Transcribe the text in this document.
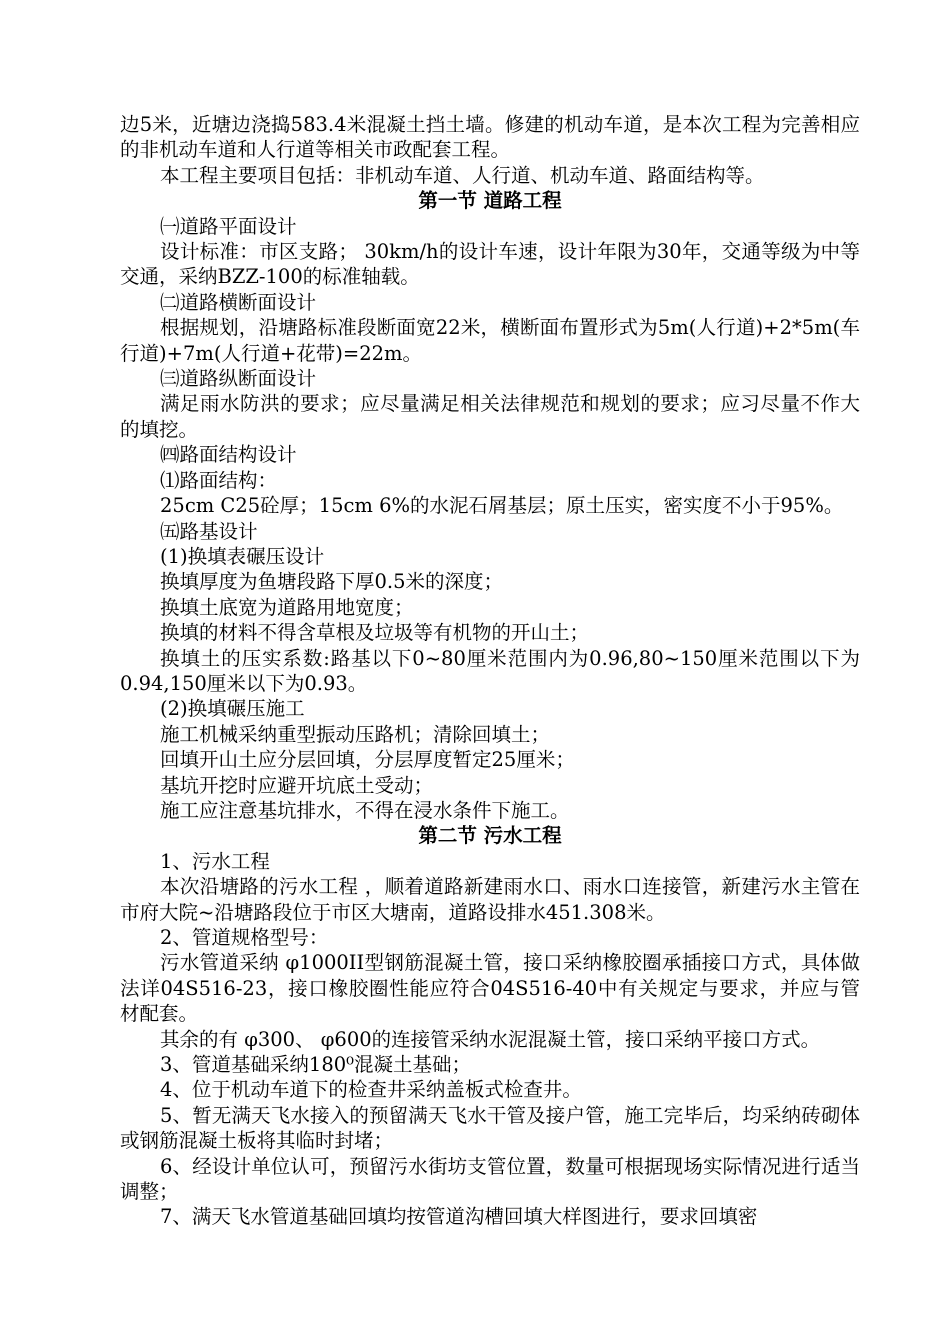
边5米，近塘边浇捣583.4米混凝土挡土墙。修建的机动车道，是本次工程为完善相应的非机动车道和人行道等相关市政配套工程。

本工程主要项目包括：非机动车道、人行道、机动车道、路面结构等。

第一节 道路工程

㈠道路平面设计

设计标准：市区支路； 30km/h的设计车速，设计年限为30年，交通等级为中等交通，采纳BZZ-100的标准轴载。

㈡道路横断面设计

根据规划，沿塘路标准段断面宽22米，横断面布置形式为5m(人行道)+2*5m(车行道)+7m(人行道+花带)=22m。

㈢道路纵断面设计

满足雨水防洪的要求；应尽量满足相关法律规范和规划的要求；应习尽量不作大的填挖。

㈣路面结构设计

⑴路面结构：

25cm C25砼厚；15cm 6%的水泥石屑基层；原土压实，密实度不小于95%。

㈤路基设计

(1)换填表碾压设计

换填厚度为鱼塘段路下厚0.5米的深度；

换填土底宽为道路用地宽度；

换填的材料不得含草根及垃圾等有机物的开山土；

换填土的压实系数:路基以下0~80厘米范围内为0.96,80~150厘米范围以下为0.94,150厘米以下为0.93。

(2)换填碾压施工

施工机械采纳重型振动压路机；清除回填土；

回填开山土应分层回填，分层厚度暂定25厘米；

基坑开挖时应避开坑底土受动；

施工应注意基坑排水，不得在浸水条件下施工。

第二节 污水工程

1、污水工程

本次沿塘路的污水工程 ，顺着道路新建雨水口、雨水口连接管，新建污水主管在市府大院~沿塘路段位于市区大塘南，道路设排水451.308米。

2、管道规格型号：

污水管道采纳 φ1000II型钢筋混凝土管，接口采纳橡胶圈承插接口方式，具体做法详04S516-23，接口橡胶圈性能应符合04S516-40中有关规定与要求，并应与管材配套。

其余的有 φ300、 φ600的连接管采纳水泥混凝土管，接口采纳平接口方式。

3、管道基础采纳180⁰混凝土基础；

4、位于机动车道下的检查井采纳盖板式检查井。

5、暂无满天飞水接入的预留满天飞水干管及接户管，施工完毕后，均采纳砖砌体或钢筋混凝土板将其临时封堵；

6、经设计单位认可，预留污水街坊支管位置，数量可根据现场实际情况进行适当调整；

7、满天飞水管道基础回填均按管道沟槽回填大样图进行，要求回填密
